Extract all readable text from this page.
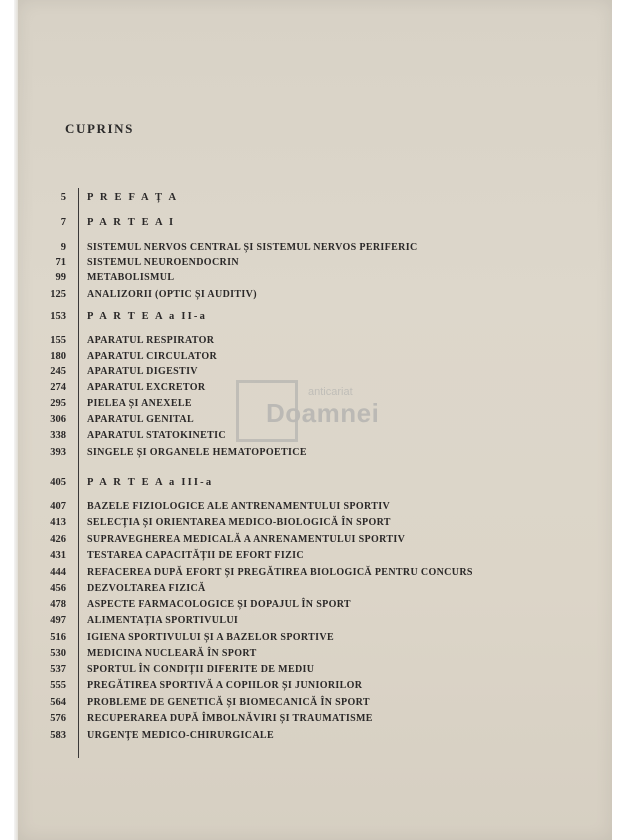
CUPRINS
5 P R E F A Ț A
7 P A R T E A I
9 SISTEMUL NERVOS CENTRAL ȘI SISTEMUL NERVOS PERIFERIC
71 SISTEMUL NEUROENDOCRIN
99 METABOLISMUL
125 ANALIZORII (OPTIC ȘI AUDITIV)
153 P A R T E A a II-a
155 APARATUL RESPIRATOR
180 APARATUL CIRCULATOR
245 APARATUL DIGESTIV
274 APARATUL EXCRETOR
295 PIELEA ȘI ANEXELE
306 APARATUL GENITAL
338 APARATUL STATOKINETIC
393 SINGELE ȘI ORGANELE HEMATOPOETICE
405 P A R T E A a III-a
407 BAZELE FIZIOLOGICE ALE ANTRENAMENTULUI SPORTIV
413 SELECȚIA ȘI ORIENTAREA MEDICO-BIOLOGICĂ ÎN SPORT
426 SUPRAVEGHEREA MEDICALĂ A ANRENAMENTULUI SPORTIV
431 TESTAREA CAPACITĂȚII DE EFORT FIZIC
444 REFACEREA DUPĂ EFORT ȘI PREGĂTIREA BIOLOGICĂ PENTRU CONCURS
456 DEZVOLTAREA FIZICĂ
478 ASPECTE FARMACOLOGICE ȘI DOPAJUL ÎN SPORT
497 ALIMENTAȚIA SPORTIVULUI
516 IGIENA SPORTIVULUI ȘI A BAZELOR SPORTIVE
530 MEDICINA NUCLEARĂ ÎN SPORT
537 SPORTUL ÎN CONDIȚII DIFERITE DE MEDIU
555 PREGĂTIREA SPORTIVĂ A COPIILOR ȘI JUNIORILOR
564 PROBLEME DE GENETICĂ ȘI BIOMECANICĂ ÎN SPORT
576 RECUPERAREA DUPĂ ÎMBOLNĂVIRI ȘI TRAUMATISME
583 URGENȚE MEDICO-CHIRURGICALE
anticariat
Doamnei
